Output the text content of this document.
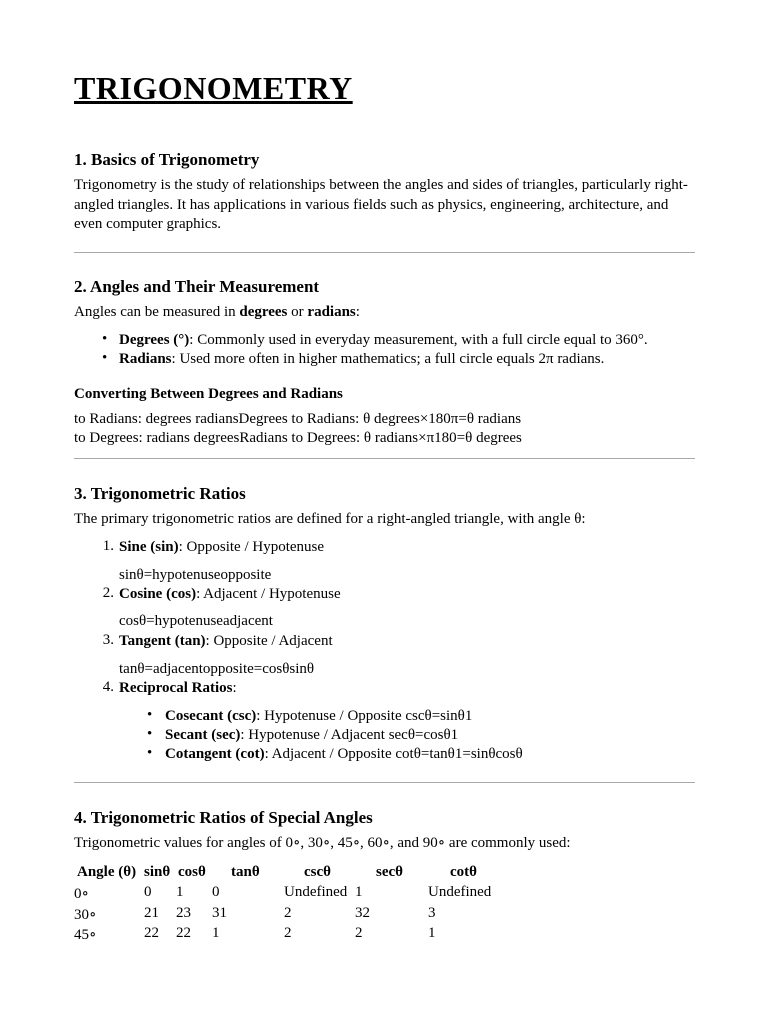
TRIGONOMETRY
1. Basics of Trigonometry

Trigonometry is the study of relationships between the angles and sides of triangles, particularly right-angled triangles. It has applications in various fields such as physics, engineering, architecture, and even computer graphics.

2. Angles and Their Measurement
Angles can be measured in degrees or radians:
• Degrees (°): Commonly used in everyday measurement, with a full circle equal to 360°.
• Radians: Used more often in higher mathematics; a full circle equals 2π radians.
Converting Between Degrees and Radians
to Radians: degrees radiansDegrees to Radians: θ degrees×180π=θ radians
to Degrees: radians degreesRadians to Degrees: θ radians×π180=θ degrees
3. Trigonometric Ratios
The primary trigonometric ratios are defined for a right-angled triangle, with angle θ:
1. Sine (sin): Opposite / Hypotenuse
sinθ=hypotenuseopposite
2. Cosine (cos): Adjacent / Hypotenuse
cosθ=hypotenuseadjacent
3. Tangent (tan): Opposite / Adjacent
tanθ=adjacentopposite=cosθsinθ
4. Reciprocal Ratios:
• Cosecant (csc): Hypotenuse / Opposite cscθ=sinθ1
• Secant (sec): Hypotenuse / Adjacent secθ=cosθ1
• Cotangent (cot): Adjacent / Opposite cotθ=tanθ1=sinθcosθ
4. Trigonometric Ratios of Special Angles
Trigonometric values for angles of 0∘, 30∘, 45∘, 60∘, and 90∘ are commonly used:
Angle (θ) sinθ cosθ tanθ	cscθ	secθ	cotθ
0∘	0 1 0	Undefined 1	Undefined
30∘	21 23 31	2	32	3
45∘	22 22 1	2	2	1
